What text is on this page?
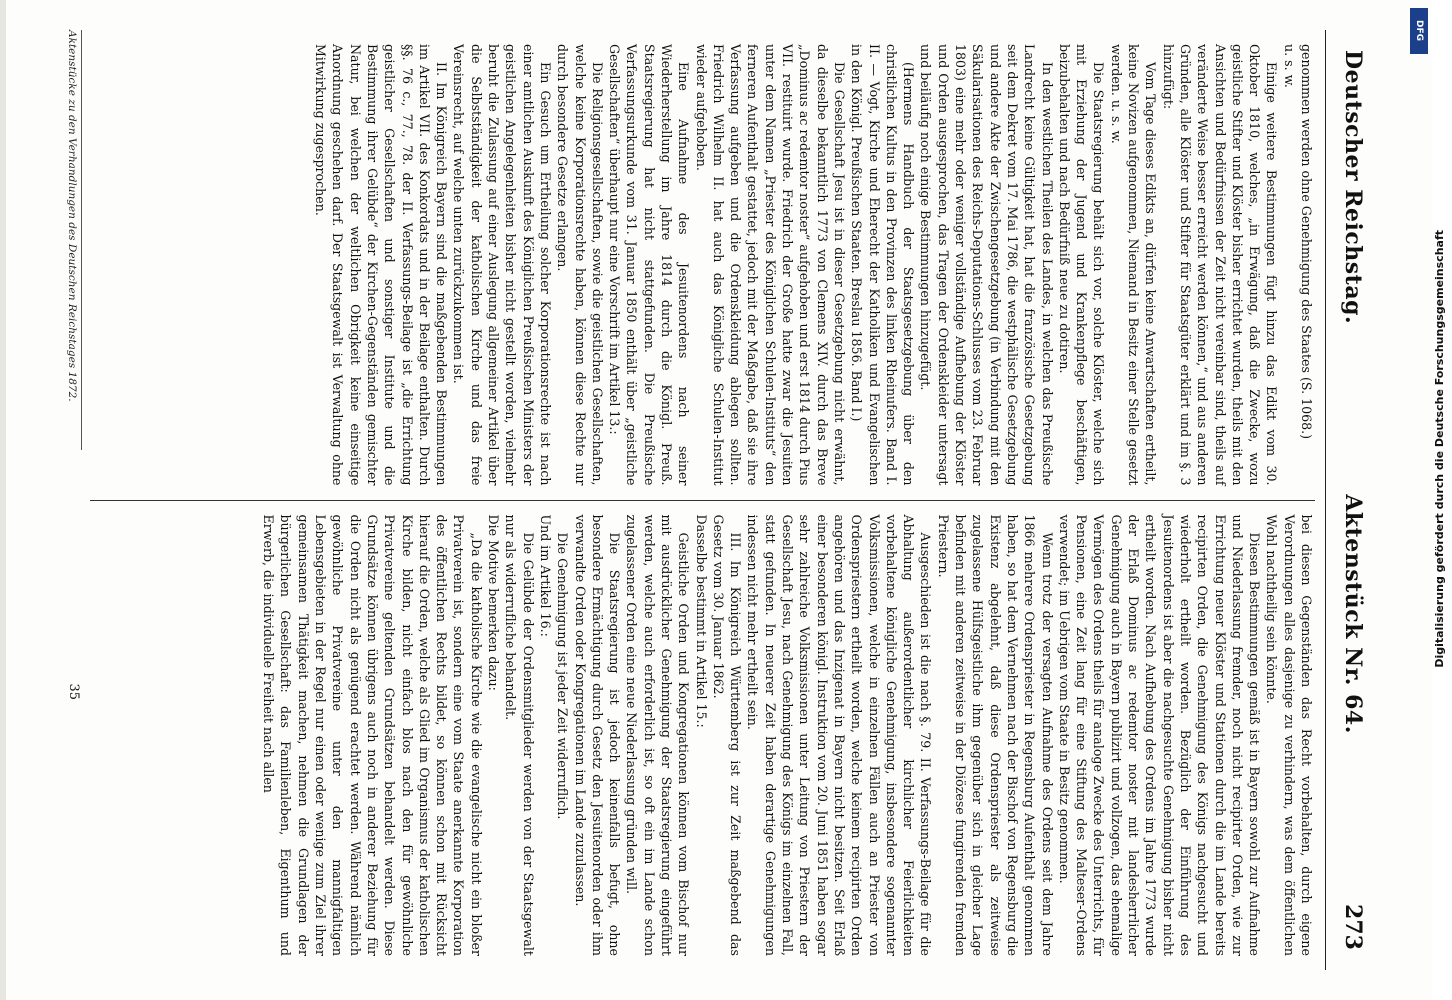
Deutscher Reichstag.
Aktenstück Nr. 64.
273

genommen werden ohne Genehmigung des Staates (S. 1068.)

u. s. w.

Einige weitere Bestimmungen fügt hinzu das Edikt vom 30. Oktober 1810, welches, „in Erwägung, daß die Zwecke, wozu geistliche Stifter und Klöster bisher errichtet wurden, theils mit den Ansichten und Bedürfnissen der Zeit nicht vereinbar sind, theils auf veränderte Weise besser erreicht werden können,“ und aus anderen Gründen, alle Klöster und Stifter für Staatsgüter erklärt und im §. 3 hinzufügt:

Vom Tage dieses Edikts an, dürfen keine Anwartschaften ertheilt, keine Novizen aufgenommen, Niemand in Besitz einer Stelle gesetzt werden. u. s. w.

Die Staatsregierung behält sich vor, solche Klöster, welche sich mit Erziehung der Jugend und Krankenpflege beschäftigen, beizubehalten und nach Bedürfniß neue zu dotiren.

In den westlichen Theilen des Landes, in welchen das Preußische Landrecht keine Gültigkeit hat, hat die französische Gesetzgebung seit dem Dekret vom 17. Mai 1786, die westphälische Gesetzgebung und andere Akte der Zwischengesetzgebung (in Verbindung mit den Säkularisationen des Reichs-Deputations-Schlusses vom 23. Februar 1803) eine mehr oder weniger vollständige Aufhebung der Klöster und Orden ausgesprochen, das Tragen der Ordenskleider untersagt und beiläufig noch einige Bestimmungen hinzugefügt.

(Hermens Handbuch der Staatsgesetzgebung über den christlichen Kultus in den Provinzen des linken Rheinufers. Band I. II. — Vogt, Kirche und Eherecht der Katholiken und Evangelischen in den Königl. Preußischen Staaten. Breslau 1856. Band I.)

Die Gesellschaft Jesu ist in dieser Gesetzgebung nicht erwähnt, da dieselbe bekanntlich 1773 von Clemens XIV. durch das Breve „Dominus ac redemtor noster“ aufgehoben und erst 1814 durch Pius VII. restituirt wurde. Friedrich der Große hatte zwar die Jesuiten unter dem Namen „Priester des Königlichen Schulen-Instituts“ den ferneren Aufenthalt gestattet, jedoch mit der Maßgabe, daß sie ihre Verfassung aufgeben und die Ordenskleidung ablegen sollten. Friedrich Wilhelm II. hat auch das Königliche Schulen-Institut wieder aufgehoben.

Eine Aufnahme des Jesuitenordens nach seiner Wiederherstellung im Jahre 1814 durch die Königl. Preuß. Staatsregierung hat nicht stattgefunden. Die Preußische Verfassungsurkunde vom 31. Januar 1850 enthält über „geistliche Gesellschaften“ überhaupt nur eine Vorschrift im Artikel 13.:

Die Religionsgesellschaften, sowie die geistlichen Gesellschaften, welche keine Korporationsrechte haben, können diese Rechte nur durch besondere Gesetze erlangen.

Ein Gesuch um Ertheilung solcher Korporationsrechte ist nach einer amtlichen Auskunft des Königlichen Preußischen Ministers der geistlichen Angelegenheiten bisher nicht gestellt worden, vielmehr beruht die Zulassung auf einer Auslegung allgemeiner Artikel über die Selbstständigkeit der katholischen Kirche und das freie Vereinsrecht, auf welche unten zurückzukommen ist.

II. Im Königreich Bayern sind die maßgebenden Bestimmungen im Artikel VII. des Konkordats und in der Beilage enthalten. Durch §§. 76 c., 77., 78. der II. Verfassungs-Beilage ist „die Errichtung geistlicher Gesellschaften und sonstiger Institute und die Bestimmung ihrer Gelübde“ der Kirchen-Gegenständen gemischter Natur, bei welchen der weltlichen Obrigkeit keine einseitige Anordnung geschehen darf. Der Staatsgewalt ist Verwaltung ohne Mitwirkung zugesprochen.

bei diesen Gegenständen das Recht vorbehalten, durch eigene Verordnungen alles dasjenige zu verhindern, was dem öffentlichen Wohl nachtheilig sein könnte.

Diesen Bestimmungen gemäß ist in Bayern sowohl zur Aufnahme und Niederlassung fremder, noch nicht recipirter Orden, wie zur Errichtung neuer Klöster und Stationen durch die im Lande bereits recipirten Orden, die Genehmigung des Königs nachgesucht und wiederholt ertheilt worden. Bezüglich der Einführung des Jesuitenordens ist aber die nachgesuchte Genehmigung bisher nicht ertheilt worden. Nach Aufhebung des Ordens im Jahre 1773 wurde der Erlaß Dominus ac redemtor noster mit landesherrlicher Genehmigung auch in Bayern publizirt und vollzogen, das ehemalige Vermögen des Ordens theils für analoge Zwecke des Unterrichts, für Pensionen, eine Zeit lang für eine Stiftung des Malteser-Ordens verwendet; im Uebrigen vom Staate in Besitz genommen.

Wenn trotz der versagten Aufnahme des Ordens seit dem Jahre 1866 mehrere Ordenspriester in Regensburg Aufenthalt genommen haben, so hat dem Vernehmen nach der Bischof von Regensburg die Existenz abgelehnt, daß diese Ordenspriester als zeitweise zugelassene Hülfsgeistliche ihm gegenüber sich in gleicher Lage befinden mit anderen zeitweise in der Diözese fungirenden fremden Priestern.

Ausgeschieden ist die nach §. 79. II. Verfassungs-Beilage für die Abhaltung außerordentlicher kirchlicher Feierlichkeiten vorbehaltene königliche Genehmigung, insbesondere sogenannter Volksmissionen, welche in einzelnen Fällen auch an Priester von Ordenspriestern ertheilt worden, welche keinem recipirten Orden angehören und das Inzigenat in Bayern nicht besitzen. Seit Erlaß einer besonderen königl. Instruktion vom 20. Juni 1851 haben sogar sehr zahlreiche Volksmissionen unter Leitung von Priestern der Gesellschaft Jesu, nach Genehmigung des Königs im einzelnen Fall, statt gefunden. In neuerer Zeit haben derartige Genehmigungen indessen nicht mehr ertheilt sein.

III. Im Königreich Württemberg ist zur Zeit maßgebend das Gesetz vom 30. Januar 1862.

Dasselbe bestimmt in Artikel 15.:

Geistliche Orden und Kongregationen können vom Bischof nur mit ausdrücklicher Genehmigung der Staatsregierung eingeführt werden, welche auch erforderlich ist, so oft ein im Lande schon zugelassener Orden eine neue Niederlassung gründen will.

Die Staatsregierung ist jedoch keinenfalls befugt, ohne besondere Ermächtigung durch Gesetz den Jesuitenorden oder ihm verwandte Orden oder Kongregationen im Lande zuzulassen.

Die Genehmigung ist jeder Zeit widerruflich.

Und im Artikel 16.:

Die Gelübde der Ordensmitglieder werden von der Staatsgewalt nur als widerrufliche behandelt.

Die Motive bemerken dazu:

„Da die katholische Kirche wie die evangelische nicht ein bloßer Privatverein ist, sondern eine vom Staate anerkannte Korporation des öffentlichen Rechts bildet, so können schon mit Rücksicht hierauf die Orden, welche als Glied im Organismus der katholischen Kirche bilden, nicht einfach blos nach den für gewöhnliche Privatvereine geltenden Grundsätzen behandelt werden. Diese Grundsätze können übrigens auch noch in anderer Beziehung für die Orden nicht als genügend erachtet werden. Während nämlich gewöhnliche Privatvereine unter den mannigfaltigen Lebensgebieten in der Regel nur einen oder wenige zum Ziel ihrer gemeinsamen Thätigkeit machen, nehmen die Grundlagen der bürgerlichen Gesellschaft: das Familienleben, Eigenthum und Erwerb, die individuelle Freiheit nach allen

Aktenstücke zu den Verhandlungen des Deutschen Reichstages 1872.
35
DFG
Digitalisierung gefördert durch die Deutsche Forschungsgemeinschaft
